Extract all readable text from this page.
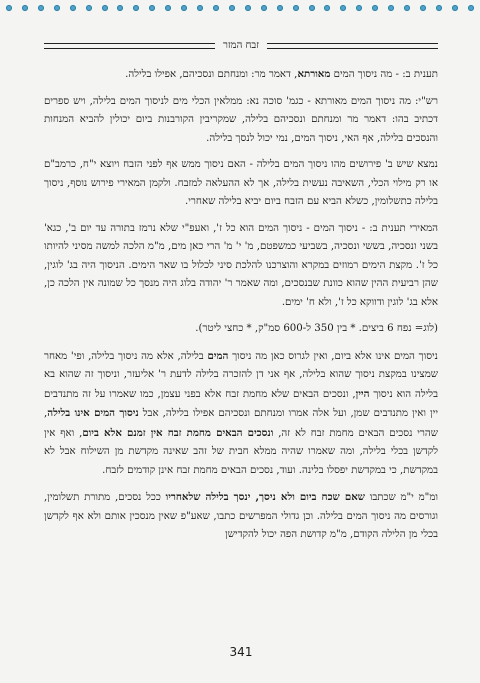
זבח המזר

תענית ב: - מה ניסוך המים מאורתא, דאמר מר: ומנחתם ונסכיהם, אפילו בלילה.

רש"י: מה ניסוך המים מאורתא - כגמ' סוכה נא: ממלאין הכלי מים לניסוך המים בלילה, ויש ספרים דכתיב בהו: דאמר מר ומנחתם ונסכיהם בלילה, שמקריבין הקורבנות ביום יכולין להביא המנחות והנסכים בלילה, אף האי, ניסוך המים, נמי יכול לנסך בלילה.

נמצא שיש ב' פירושים מהו ניסוך המים בלילה - האם ניסוך ממש אף לפני הזבח ויוצא י"ח, כרמב"ם או רק מילוי הכלי, השאיבה נעשית בלילה, אך לא ההעלאה למזבח. ולקמן המאירי פירוש נוסף, ניסוך בלילה כתשלומין, כשלא הביא עם הזבח ביום יביא בלילה שאחרי.

המאירי תענית ב: - ניסוך המים - ניסוך המים הוא כל ז', ואעפ"י שלא נרמז בתורה עד יום ב', כגא' בשני ונסכיה, בששי ונסכיה, בשביעי כמשפטם, מ' י' מ' הרי כאן מים, מ"מ הלכה למשה מסיני להיותו כל ז'. מקצת הימים רמוזים במקרא והוצרכנו להלכת סיני לכלול בו שאר הימים. הניסוך היה בג' לוגין, שהן רביעית ההין שהוא כוונת שבנסכים, ומה שאמר ר' יהודה בלוג היה מנסך כל שמונה אין הלכה כן, אלא בג' לוגין ודווקא כל ז', ולא ח' ימים.

(לוג= נפח 6 ביצים. * בין 350 ל-600 סמ"ק, * כחצי ליטר).

ניסוך המים אינו אלא ביום, ואין לגרוס כאן מה ניסוך המים בלילה, אלא מה ניסוך בלילה, ופי' מאחר שמצינו במקצת ניסוך שהוא בלילה, אף אני דן להזכרה בלילה לדעת ר' אליעזר, וניסוך זה שהוא בא בלילה הוא ניסוך היין, ונסכים הבאים שלא מחמת זבח אלא בפני עצמן, כמו שאמרו על זה מתנדבים יין ואין מתנדבים שמן, ועל אלה אמרו ומנחתם ונסכיהם אפילו בלילה, אבל ניסוך המים אינו בלילה, שהרי נסכים הבאים מחמת זבח לא זה, ונסכים הבאים מחמת זבח אין זמנם אלא ביום, ואף אין לקדשן בכלי בלילה, ומה שאמרו שהיה ממלא חבית של זהב שאינה מקדשת מן השילוח אבל לא במקדשת, כי במקדשת יפסלו בלינה. ועוד, נסכים הבאים מחמת זבח אינן קודמים לזבח.

ומ"מ י"מ שכתבו שאם שכח ביום ולא ניסך, ינסך בלילה שלאחריו ככל נסכים, מתורת תשלומין, וגורסים מה ניסוך המים בלילה. וכן גדולי המפרשים כתבו, שאע"פ שאין מנסכין אותם ולא אף לקדשן בכלי מן הלילה הקודם, מ"מ קדושת הפה יכול להקדישן

341
